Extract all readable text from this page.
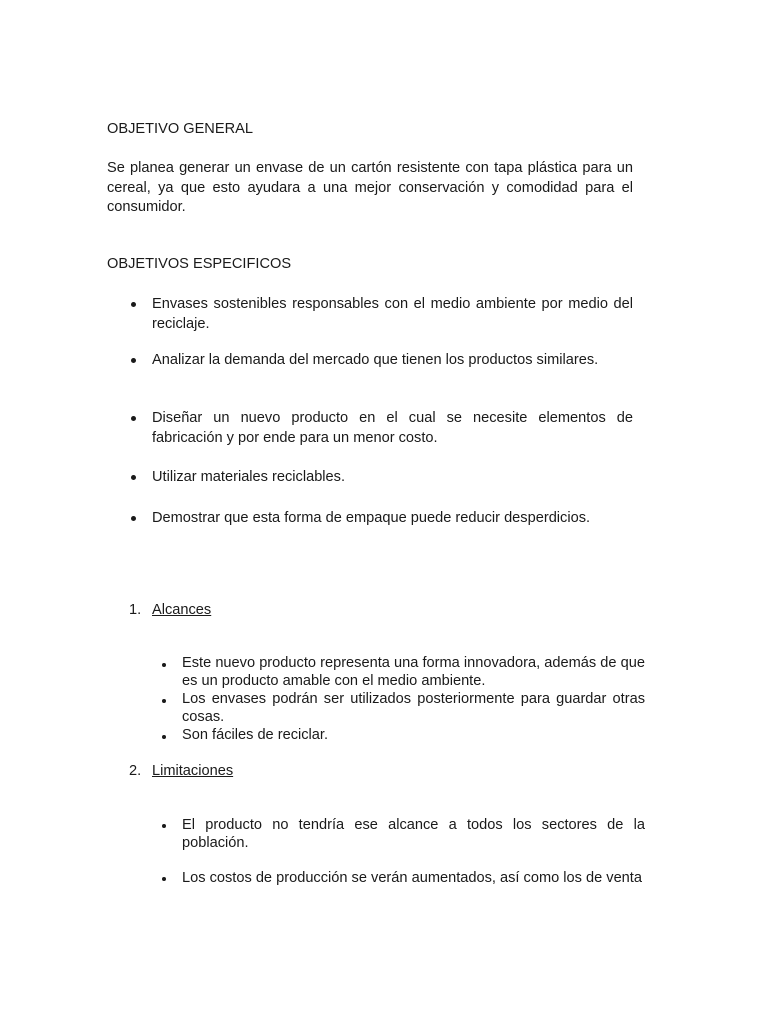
OBJETIVO GENERAL
Se planea generar un envase de un cartón resistente con tapa plástica para un cereal, ya que esto ayudara a una mejor conservación y comodidad para el consumidor.
OBJETIVOS ESPECIFICOS
Envases sostenibles responsables con el medio ambiente por medio del reciclaje.
Analizar la demanda del mercado que tienen los productos similares.
Diseñar un nuevo producto en el cual se necesite elementos de fabricación y por ende para un menor costo.
Utilizar materiales reciclables.
Demostrar que esta forma de empaque puede reducir desperdicios.
1. Alcances
Este nuevo producto representa una forma innovadora, además de que es un producto amable con el medio ambiente.
Los envases podrán ser utilizados posteriormente para guardar otras cosas.
Son fáciles de reciclar.
2. Limitaciones
El producto no tendría ese alcance a todos los sectores de la población.
Los costos de producción se verán aumentados, así como los de venta
